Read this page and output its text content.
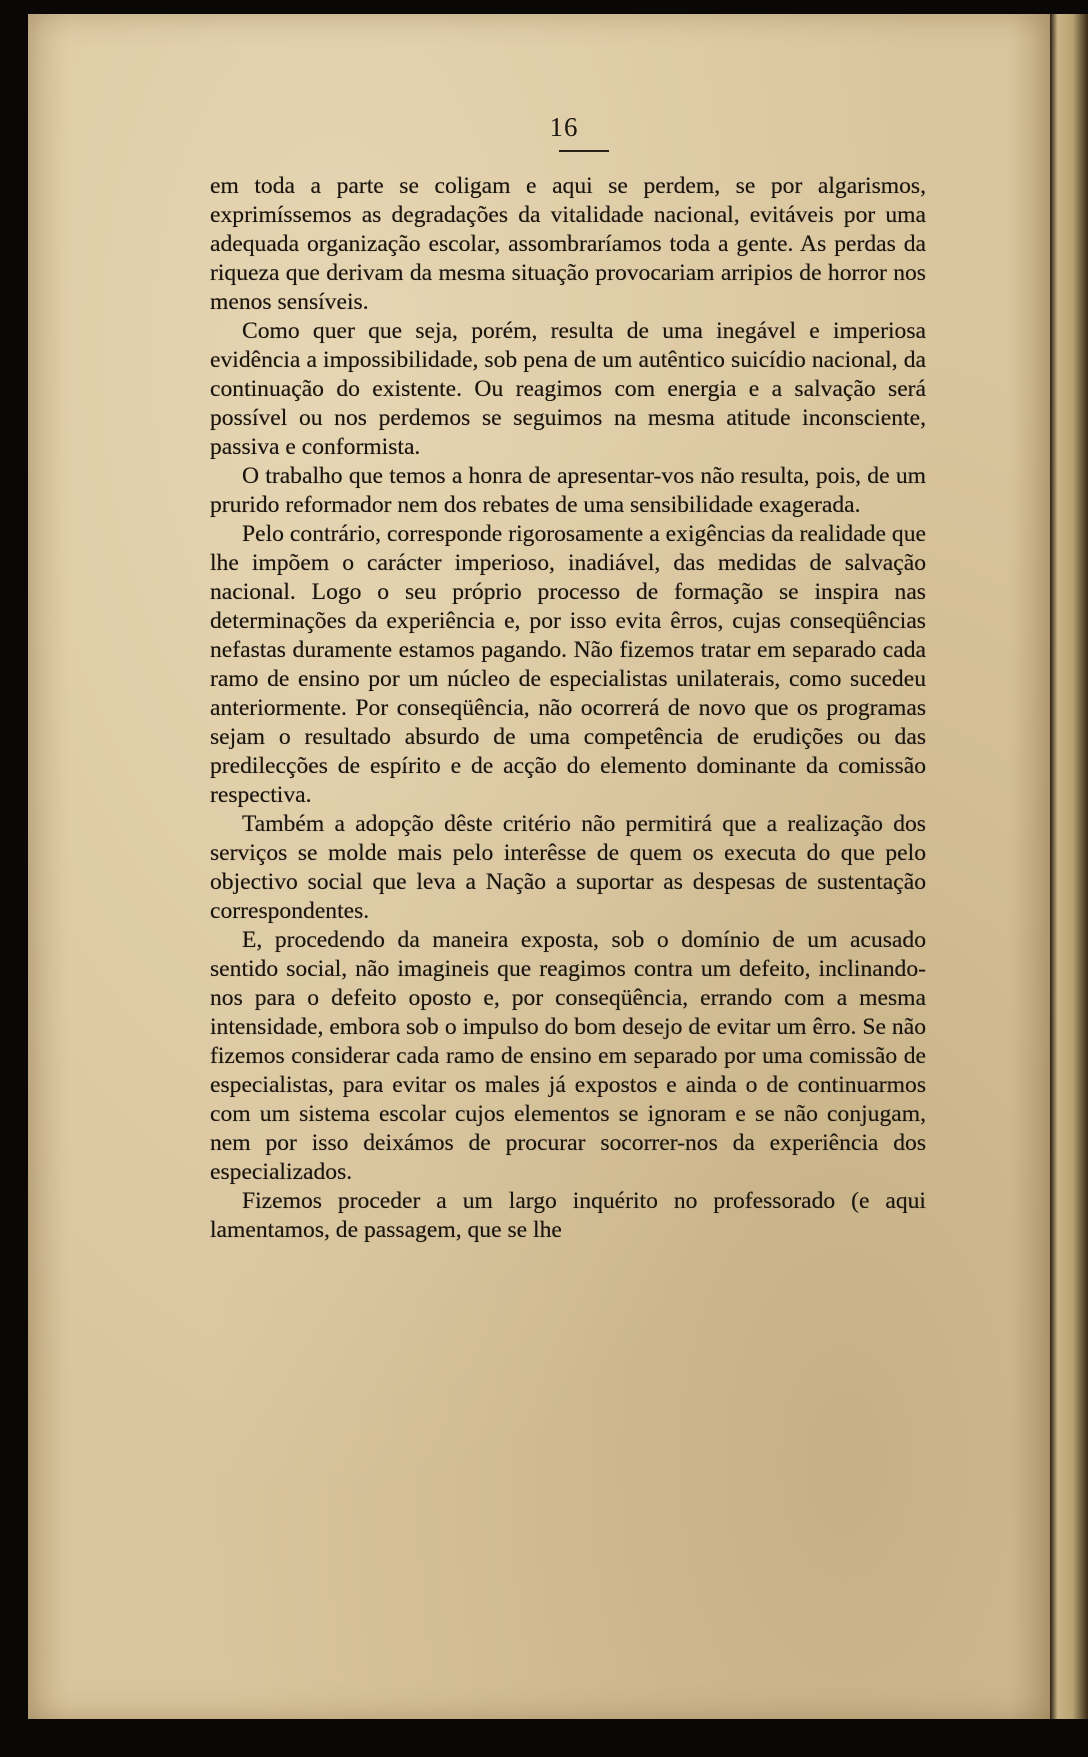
16

em toda a parte se coligam e aqui se perdem, se por algarismos, exprimíssemos as degradações da vitalidade nacional, evitáveis por uma adequada organização escolar, assombraríamos toda a gente. As perdas da riqueza que derivam da mesma situação provocariam arripios de horror nos menos sensíveis.

Como quer que seja, porém, resulta de uma inegável e imperiosa evidência a impossibilidade, sob pena de um autêntico suicídio nacional, da continuação do existente. Ou reagimos com energia e a salvação será possível ou nos perdemos se seguimos na mesma atitude inconsciente, passiva e conformista.

O trabalho que temos a honra de apresentar-vos não resulta, pois, de um prurido reformador nem dos rebates de uma sensibilidade exagerada.

Pelo contrário, corresponde rigorosamente a exigências da realidade que lhe impõem o carácter imperioso, inadiável, das medidas de salvação nacional. Logo o seu próprio processo de formação se inspira nas determinações da experiência e, por isso evita êrros, cujas conseqüências nefastas duramente estamos pagando. Não fizemos tratar em separado cada ramo de ensino por um núcleo de especialistas unilaterais, como sucedeu anteriormente. Por conseqüência, não ocorrerá de novo que os programas sejam o resultado absurdo de uma competência de erudições ou das predilecções de espírito e de acção do elemento dominante da comissão respectiva.

Também a adopção dêste critério não permitirá que a realização dos serviços se molde mais pelo interêsse de quem os executa do que pelo objectivo social que leva a Nação a suportar as despesas de sustentação correspondentes.

E, procedendo da maneira exposta, sob o domínio de um acusado sentido social, não imagineis que reagimos contra um defeito, inclinando-nos para o defeito oposto e, por conseqüência, errando com a mesma intensidade, embora sob o impulso do bom desejo de evitar um êrro. Se não fizemos considerar cada ramo de ensino em separado por uma comissão de especialistas, para evitar os males já expostos e ainda o de continuarmos com um sistema escolar cujos elementos se ignoram e se não conjugam, nem por isso deixámos de procurar socorrer-nos da experiência dos especializados.

Fizemos proceder a um largo inquérito no professorado (e aqui lamentamos, de passagem, que se lhe
